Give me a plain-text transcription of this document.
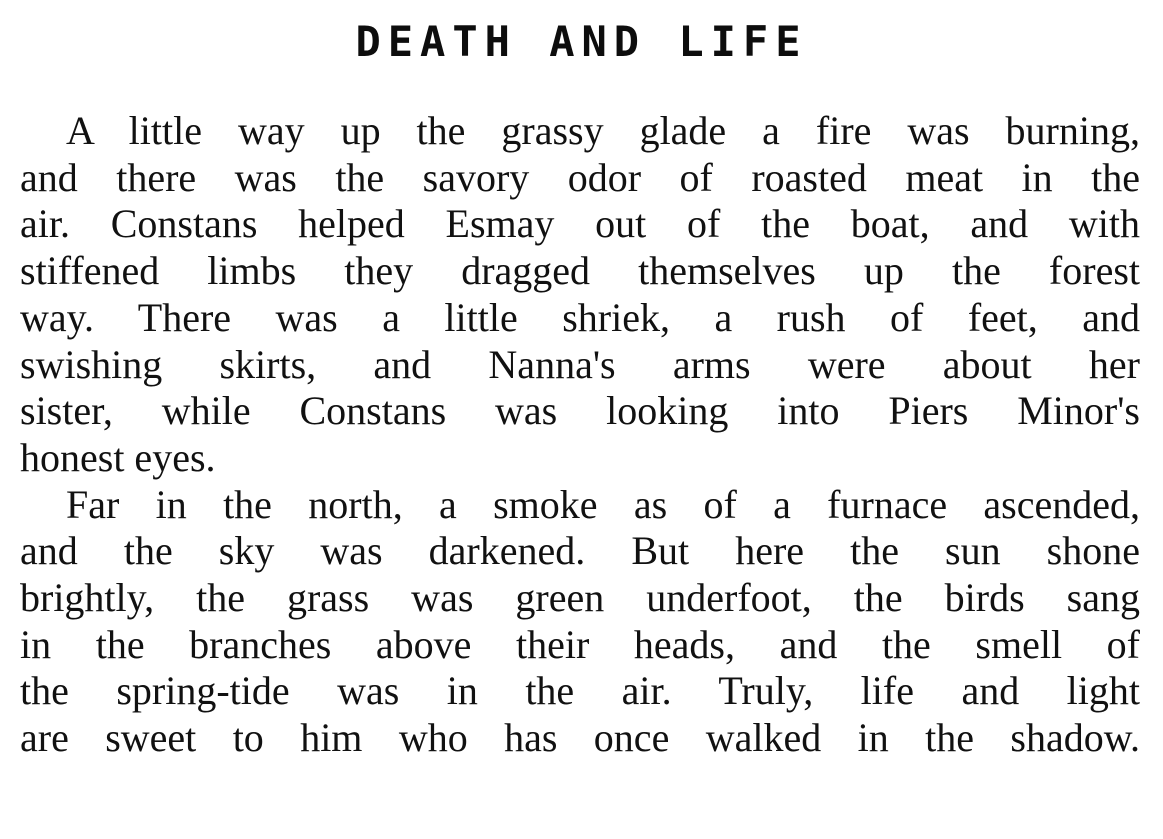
DEATH AND LIFE

A little way up the grassy glade a fire was burning,
and there was the savory odor of roasted meat in the
air. Constans helped Esmay out of the boat, and with
stiffened limbs they dragged themselves up the forest
way. There was a little shriek, a rush of feet, and
swishing skirts, and Nanna's arms were about her
sister, while Constans was looking into Piers Minor's
honest eyes.

Far in the north, a smoke as of a furnace ascended,
and the sky was darkened. But here the sun shone
brightly, the grass was green underfoot, the birds sang
in the branches above their heads, and the smell of
the spring-tide was in the air. Truly, life and light
are sweet to him who has once walked in the shadow.
